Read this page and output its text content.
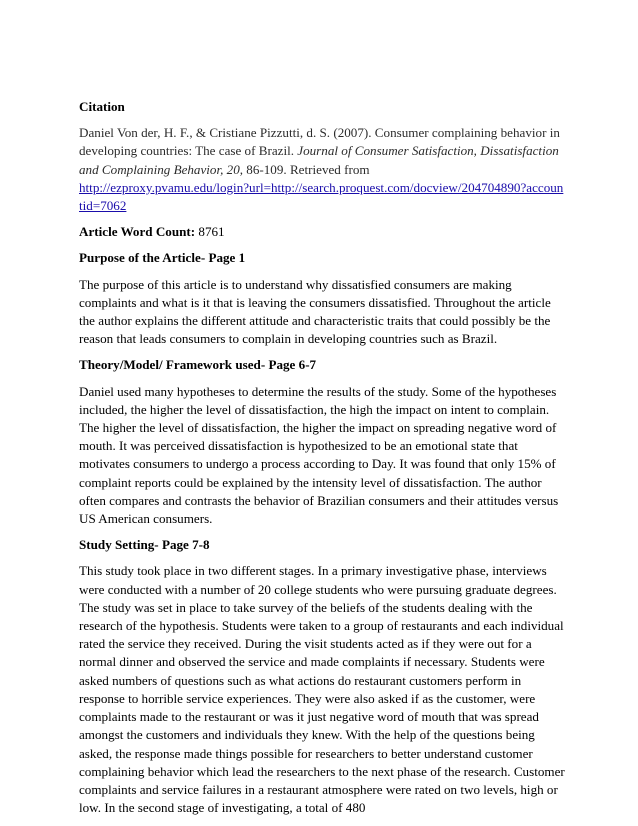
Citation
Daniel Von der, H. F., & Cristiane Pizzutti, d. S. (2007). Consumer complaining behavior in developing countries: The case of Brazil. Journal of Consumer Satisfaction, Dissatisfaction and Complaining Behavior, 20, 86-109. Retrieved from
http://ezproxy.pvamu.edu/login?url=http://search.proquest.com/docview/204704890?accountid=7062
Article Word Count: 8761
Purpose of the Article- Page 1
The purpose of this article is to understand why dissatisfied consumers are making complaints and what is it that is leaving the consumers dissatisfied. Throughout the article the author explains the different attitude and characteristic traits that could possibly be the reason that leads consumers to complain in developing countries such as Brazil.
Theory/Model/ Framework used- Page 6-7
Daniel used many hypotheses to determine the results of the study. Some of the hypotheses included, the higher the level of dissatisfaction, the high the impact on intent to complain. The higher the level of dissatisfaction, the higher the impact on spreading negative word of mouth. It was perceived dissatisfaction is hypothesized to be an emotional state that motivates consumers to undergo a process according to Day. It was found that only 15% of complaint reports could be explained by the intensity level of dissatisfaction. The author often compares and contrasts the behavior of Brazilian consumers and their attitudes versus US American consumers.
Study Setting- Page 7-8
This study took place in two different stages. In a primary investigative phase, interviews were conducted with a number of 20 college students who were pursuing graduate degrees. The study was set in place to take survey of the beliefs of the students dealing with the research of the hypothesis. Students were taken to a group of restaurants and each individual rated the service they received. During the visit students acted as if they were out for a normal dinner and observed the service and made complaints if necessary. Students were asked numbers of questions such as what actions do restaurant customers perform in response to horrible service experiences. They were also asked if as the customer, were complaints made to the restaurant or was it just negative word of mouth that was spread amongst the customers and individuals they knew. With the help of the questions being asked, the response made things possible for researchers to better understand customer complaining behavior which lead the researchers to the next phase of the research. Customer complaints and service failures in a restaurant atmosphere were rated on two levels, high or low. In the second stage of investigating, a total of 480
